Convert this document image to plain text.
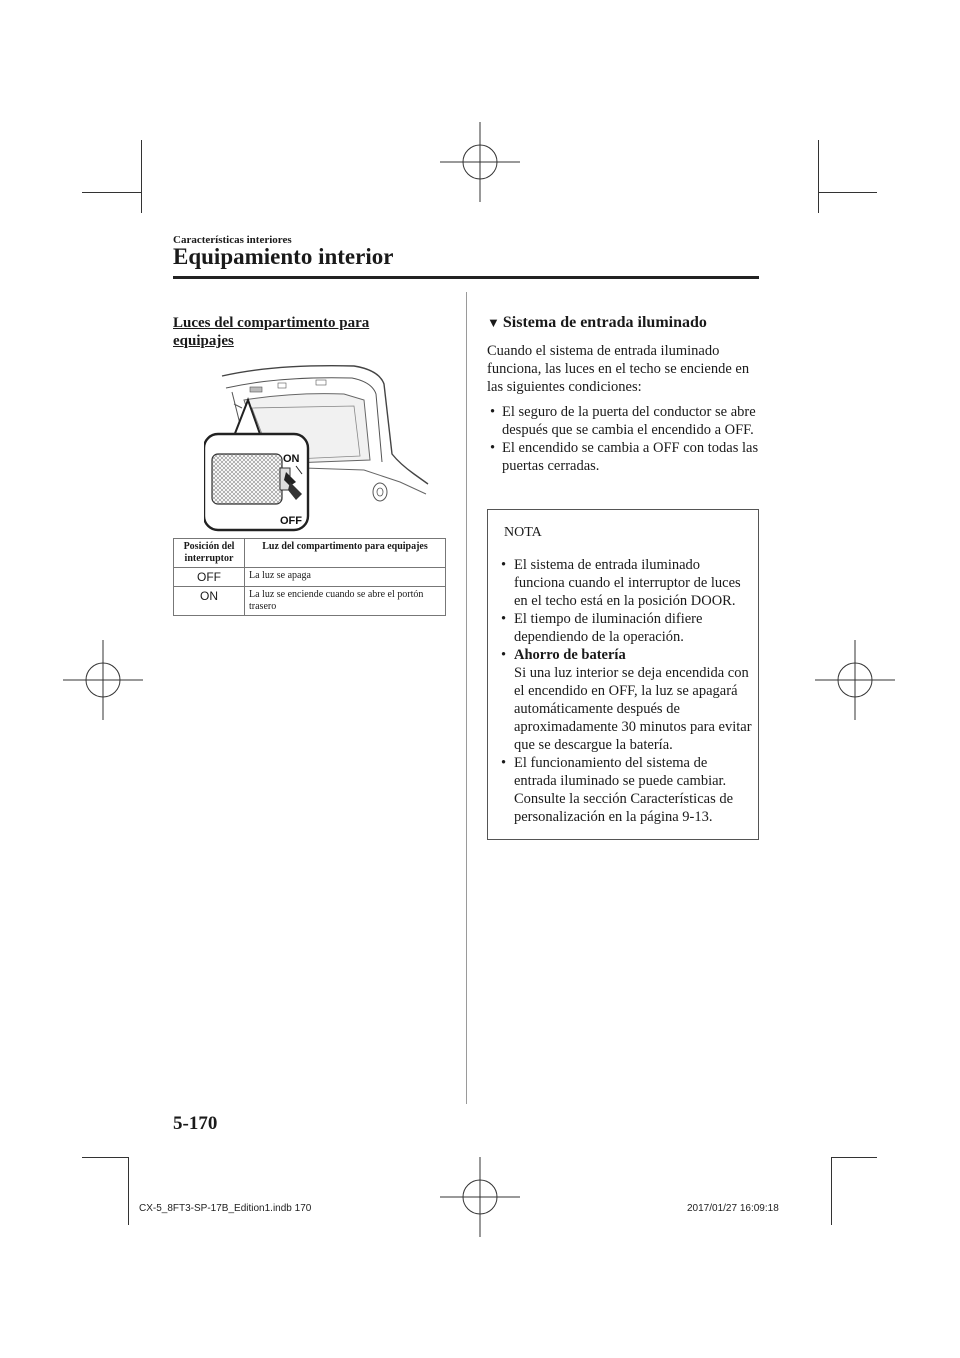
Características interiores
Equipamiento interior
Luces del compartimento para equipajes
ON
OFF
Posición del interruptor	Luz del compartimento para equipajes
OFF	La luz se apaga
ON	La luz se enciende cuando se abre el portón trasero
▼ Sistema de entrada iluminado
Cuando el sistema de entrada iluminado funciona, las luces en el techo se enciende en las siguientes condiciones:
• El seguro de la puerta del conductor se abre después que se cambia el encendido a OFF.
• El encendido se cambia a OFF con todas las puertas cerradas.
NOTA
• El sistema de entrada iluminado funciona cuando el interruptor de luces en el techo está en la posición DOOR.
• El tiempo de iluminación difiere dependiendo de la operación.
• Ahorro de batería
Si una luz interior se deja encendida con el encendido en OFF, la luz se apagará automáticamente después de aproximadamente 30 minutos para evitar que se descargue la batería.
• El funcionamiento del sistema de entrada iluminado se puede cambiar. Consulte la sección Características de personalización en la página 9-13.
5-170
CX-5_8FT3-SP-17B_Edition1.indb 170	2017/01/27 16:09:18
